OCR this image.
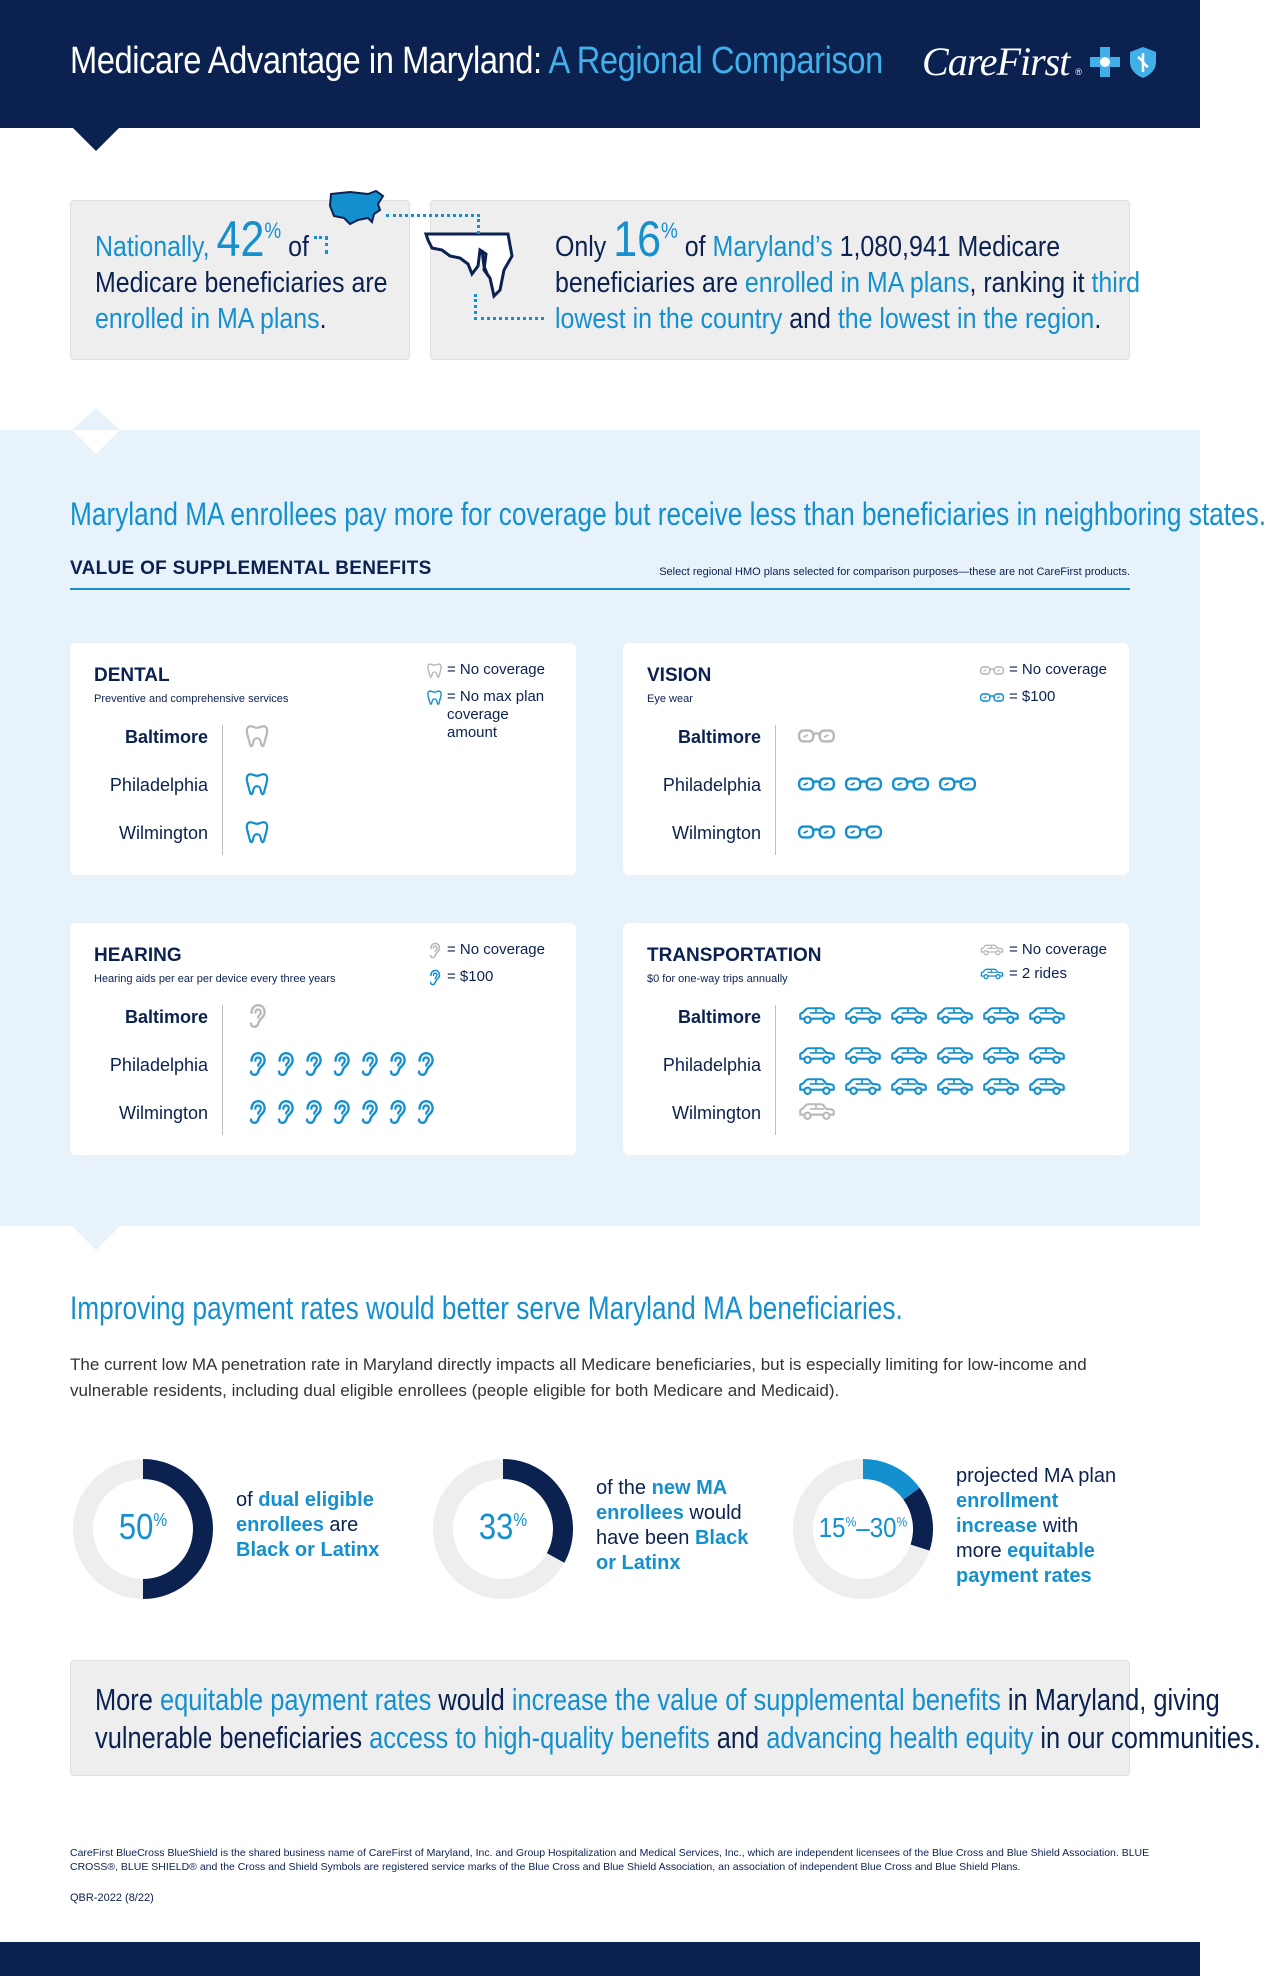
Medicare Advantage in Maryland: A Regional Comparison CareFirst ®
Nationally, 42% of
Medicare beneficiaries are
enrolled in MA plans.
Only 16% of Maryland’s 1,080,941 Medicare
beneficiaries are enrolled in MA plans, ranking it third
lowest in the country and the lowest in the region.
Maryland MA enrollees pay more for coverage but receive less than beneficiaries in neighboring states.
VALUE OF SUPPLEMENTAL BENEFITS	Select regional HMO plans selected for comparison purposes—these are not CareFirst products.
DENTAL
Preventive and comprehensive services
= No coverage
= No max plan coverage amount
Baltimore
Philadelphia
Wilmington
VISION
Eye wear
= No coverage
= $100
Baltimore
Philadelphia
Wilmington
HEARING
Hearing aids per ear per device every three years
= No coverage
= $100
Baltimore
Philadelphia
Wilmington
TRANSPORTATION
$0 for one-way trips annually
= No coverage
= 2 rides
Baltimore
Philadelphia
Wilmington
Improving payment rates would better serve Maryland MA beneficiaries.
The current low MA penetration rate in Maryland directly impacts all Medicare beneficiaries, but is especially limiting for low-income and vulnerable residents, including dual eligible enrollees (people eligible for both Medicare and Medicaid).
50%
of dual eligible enrollees are Black or Latinx
33%
of the new MA enrollees would have been Black or Latinx
15%–30%
projected MA plan enrollment increase with more equitable payment rates
More equitable payment rates would increase the value of supplemental benefits in Maryland, giving
vulnerable beneficiaries access to high-quality benefits and advancing health equity in our communities.
CareFirst BlueCross BlueShield is the shared business name of CareFirst of Maryland, Inc. and Group Hospitalization and Medical Services, Inc., which are independent licensees of the Blue Cross and Blue Shield Association. BLUE CROSS®, BLUE SHIELD® and the Cross and Shield Symbols are registered service marks of the Blue Cross and Blue Shield Association, an association of independent Blue Cross and Blue Shield Plans.
QBR-2022 (8/22)
